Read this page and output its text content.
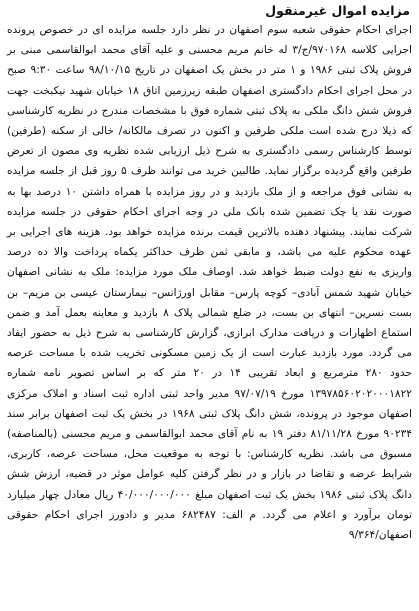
مزایده اموال غیرمنقول

اجرای احکام حقوقی شعبه سوم اصفهان در نظر دارد جلسه مزایده ای در خصوص پرونده اجرایی کلاسه ۹۷۰۱۶۸/ج/۳ له خانم مریم محسنی و علیه آقای محمد ابوالقاسمی مبنی بر فروش پلاک ثبتی ۱۹۸۶ و ۱ متر در بخش یک اصفهان در تاریخ ۹۸/۱۰/۱۵ ساعت ۹:۳۰ صبح در محل اجرای احکام دادگستری اصفهان طبقه زیرزمین اتاق ۱۸ خیابان شهید نیکبخت جهت فروش شش دانگ ملکی به پلاک ثبتی شماره فوق با مشخصات مندرج در نظریه کارشناسی که ذیلا درج شده است ملکی طرفین و اکنون در تصرف مالکانه/ خالی از سکنه (طرفین) توسط کارشناس رسمی دادگستری به شرح ذیل ارزیابی شده نظریه وی مصون از تعرض طرفین واقع گردیده برگزار نماید. طالبین خرید می توانند ظرف ۵ روز قبل از جلسه مزایده به نشانی فوق مراجعه و از ملک بازدید و در روز مزایده با همراه داشتن ۱۰ درصد بها به صورت نقد یا چک تضمین شده بانک ملی در وجه اجرای احکام حقوقی در جلسه مزایده شرکت نمایند. پیشنهاد دهنده بالاترین قیمت برنده مزایده خواهد بود. هزینه های اجرایی بر عهده محکوم علیه می باشد، و مابقی ثمن ظرف حداکثر یکماه پرداخت والا ده درصد واریزی به نفع دولت ضبط خواهد شد. اوصاف ملک مورد مزایده: ملک به نشانی اصفهان خیابان شهید شمس آبادی– کوچه پارس– مقابل اورژانس– بیمارستان عیسی بن مریم– بن بست نسرین– انتهای بن بست، در ضلع شمالی پلاک ۸ بازدید و معاینه بعمل آمد و ضمن استماع اظهارات و دریافت مدارک ابرازی، گزارش کارشناسی به شرح ذیل به حضور ایفاد می گردد. مورد بازدید عبارت است از یک زمین مسکونی تخریب شده با مساحت عرصه حدود ۲۸۰ مترمربع و ابعاد تقریبی ۱۴ در ۲۰ متر که بر اساس تصویر نامه شماره ۱۳۹۷۸۵۶۰۲۰۲۰۰۰۱۸۲۲ مورخ ۹۷/۰۷/۱۹ مدیر واحد ثبتی اداره ثبت اسناد و املاک مرکزی اصفهان موجود در پرونده، شش دانگ پلاک ثبتی ۱۹۶۸ در بخش یک ثبت اصفهان برابر سند ۹۰۲۳۴ مورخ ۸۱/۱۱/۲۸ دفتر ۱۹ به نام آقای محمد ابوالقاسمی و مریم محسنی (بالمناصفه) مسبوق می باشد. نظریه کارشناس: با توجه به موقعیت محل، مساحت عرصه، کاربری، شرایط عرضه و تقاضا در بازار و در نظر گرفتن کلیه عوامل موثر در قضیه، ارزش شش دانگ پلاک ثبتی ۱۹۸۶ بخش یک ثبت اصفهان مبلغ ۴۰/۰۰۰/۰۰۰/۰۰۰ ریال معادل چهار میلیارد تومان برآورد و اعلام می گردد. م الف: ۶۸۲۴۸۷ مدیر و دادورز اجرای احکام حقوقی اصفهان/۹/۳۶۴
